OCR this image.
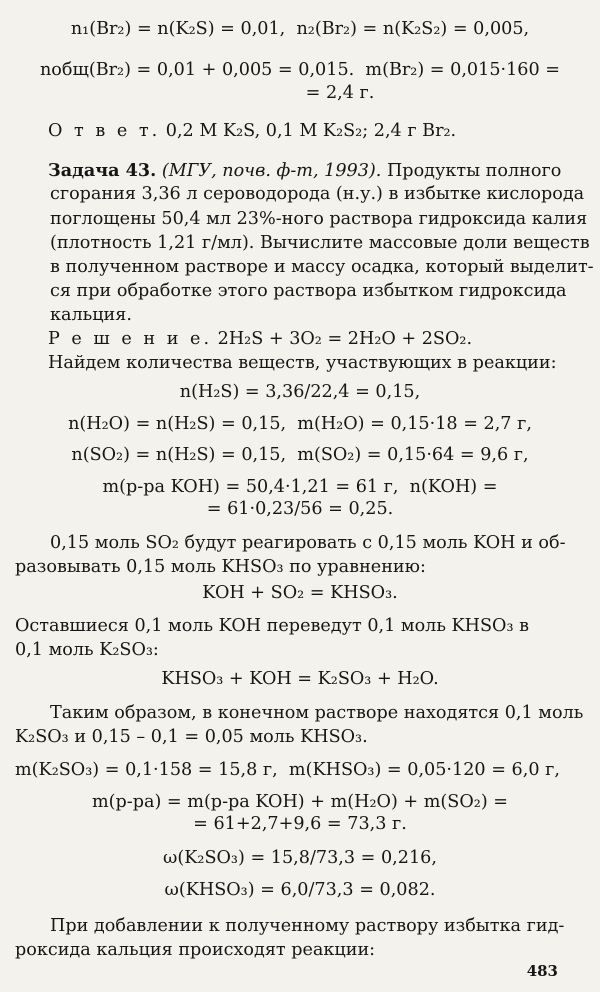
n₁(Br₂) = n(K₂S) = 0,01,  n₂(Br₂) = n(K₂S₂) = 0,005,

nобщ(Br₂) = 0,01 + 0,005 = 0,015.  m(Br₂) = 0,015·160 =

= 2,4 г.

О т в е т. 0,2 М K₂S, 0,1 М K₂S₂; 2,4 г Br₂.

Задача 43. (МГУ, почв. ф-т, 1993). Продукты полного

сгорания 3,36 л сероводорода (н.у.) в избытке кислорода

поглощены 50,4 мл 23%-ного раствора гидроксида калия

(плотность 1,21 г/мл). Вычислите массовые доли веществ

в полученном растворе и массу осадка, который выделит-

ся при обработке этого раствора избытком гидроксида

кальция.

Р е ш е н и е. 2H₂S + 3O₂ = 2H₂O + 2SO₂.

Найдем количества веществ, участвующих в реакции:

n(H₂S) = 3,36/22,4 = 0,15,

n(H₂O) = n(H₂S) = 0,15,  m(H₂O) = 0,15·18 = 2,7 г,

n(SO₂) = n(H₂S) = 0,15,  m(SO₂) = 0,15·64 = 9,6 г,

m(р-ра KOH) = 50,4·1,21 = 61 г,  n(KOH) =

= 61·0,23/56 = 0,25.

0,15 моль SO₂ будут реагировать с 0,15 моль KOH и об-

разовывать 0,15 моль KHSO₃ по уравнению:

KOH + SO₂ = KHSO₃.

Оставшиеся 0,1 моль KOH переведут 0,1 моль KHSO₃ в

0,1 моль K₂SO₃:

KHSO₃ + KOH = K₂SO₃ + H₂O.

Таким образом, в конечном растворе находятся 0,1 моль

K₂SO₃ и 0,15 – 0,1 = 0,05 моль KHSO₃.

m(K₂SO₃) = 0,1·158 = 15,8 г,  m(KHSO₃) = 0,05·120 = 6,0 г,

m(р-ра) = m(р-ра KOH) + m(H₂O) + m(SO₂) =

= 61+2,7+9,6 = 73,3 г.

ω(K₂SO₃) = 15,8/73,3 = 0,216,

ω(KHSO₃) = 6,0/73,3 = 0,082.

При добавлении к полученному раствору избытка гид-

роксида кальция происходят реакции:

483
